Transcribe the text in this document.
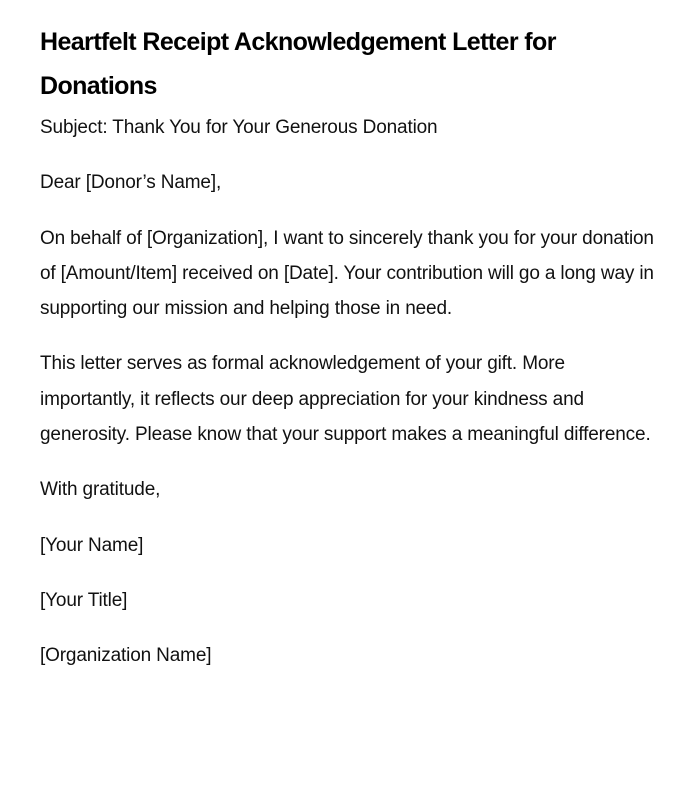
Heartfelt Receipt Acknowledgement Letter for Donations

Subject: Thank You for Your Generous Donation

Dear [Donor’s Name],

On behalf of [Organization], I want to sincerely thank you for your donation of [Amount/Item] received on [Date]. Your contribution will go a long way in supporting our mission and helping those in need.

This letter serves as formal acknowledgement of your gift. More importantly, it reflects our deep appreciation for your kindness and generosity. Please know that your support makes a meaningful difference.

With gratitude,

[Your Name]

[Your Title]

[Organization Name]
